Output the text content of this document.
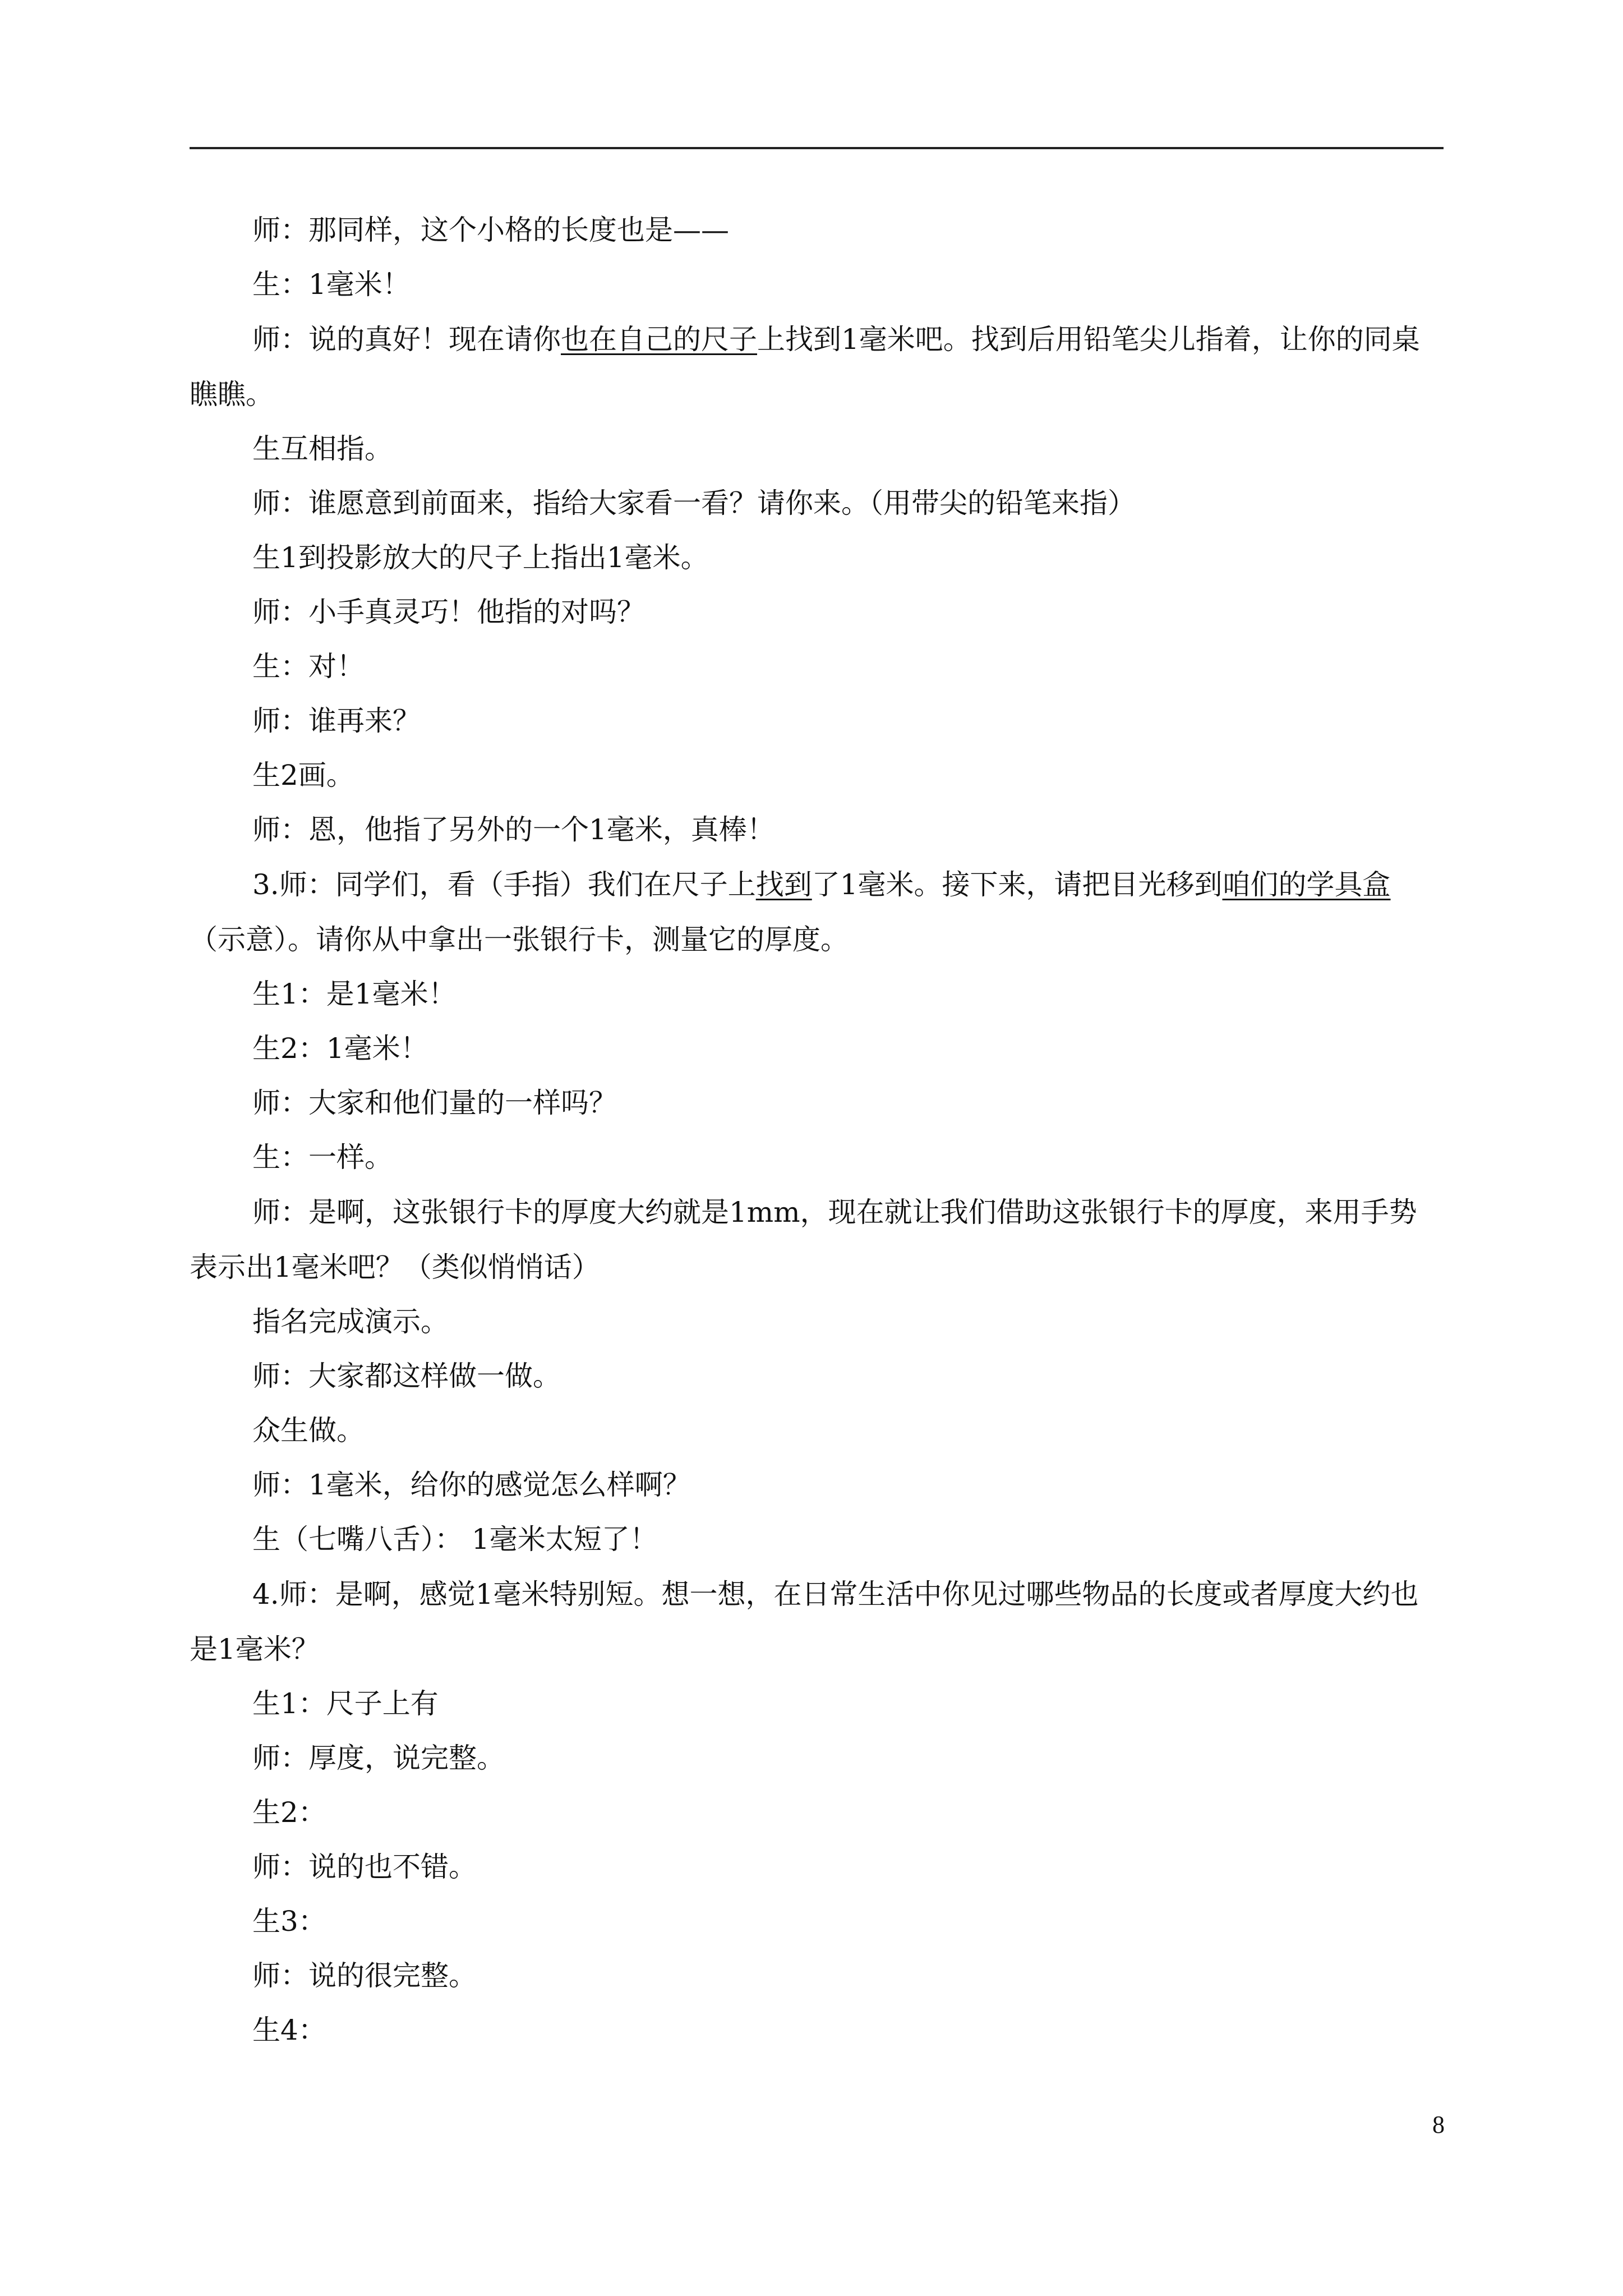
师：那同样，这个小格的长度也是——

生：1毫米！

师：说的真好！现在请你也在自己的尺子上找到1毫米吧。找到后用铅笔尖儿指着，让你的同桌瞧瞧。

生互相指。

师：谁愿意到前面来，指给大家看一看？请你来。（用带尖的铅笔来指）

生1到投影放大的尺子上指出1毫米。

师：小手真灵巧！他指的对吗？

生：对！

师：谁再来？

生2画。

师：恩，他指了另外的一个1毫米，真棒！

3.师：同学们，看（手指）我们在尺子上找到了1毫米。接下来，请把目光移到咱们的学具盒（示意）。请你从中拿出一张银行卡，测量它的厚度。

生1：是1毫米！

生2：1毫米！

师：大家和他们量的一样吗？

生：一样。

师：是啊，这张银行卡的厚度大约就是1mm，现在就让我们借助这张银行卡的厚度，来用手势表示出1毫米吧？（类似悄悄话）

指名完成演示。

师：大家都这样做一做。

众生做。

师：1毫米，给你的感觉怎么样啊？

生（七嘴八舌）： 1毫米太短了！

4.师：是啊，感觉1毫米特别短。想一想，在日常生活中你见过哪些物品的长度或者厚度大约也是1毫米？

生1：尺子上有

师：厚度，说完整。

生2：

师：说的也不错。

生3：

师：说的很完整。

生4：

8
